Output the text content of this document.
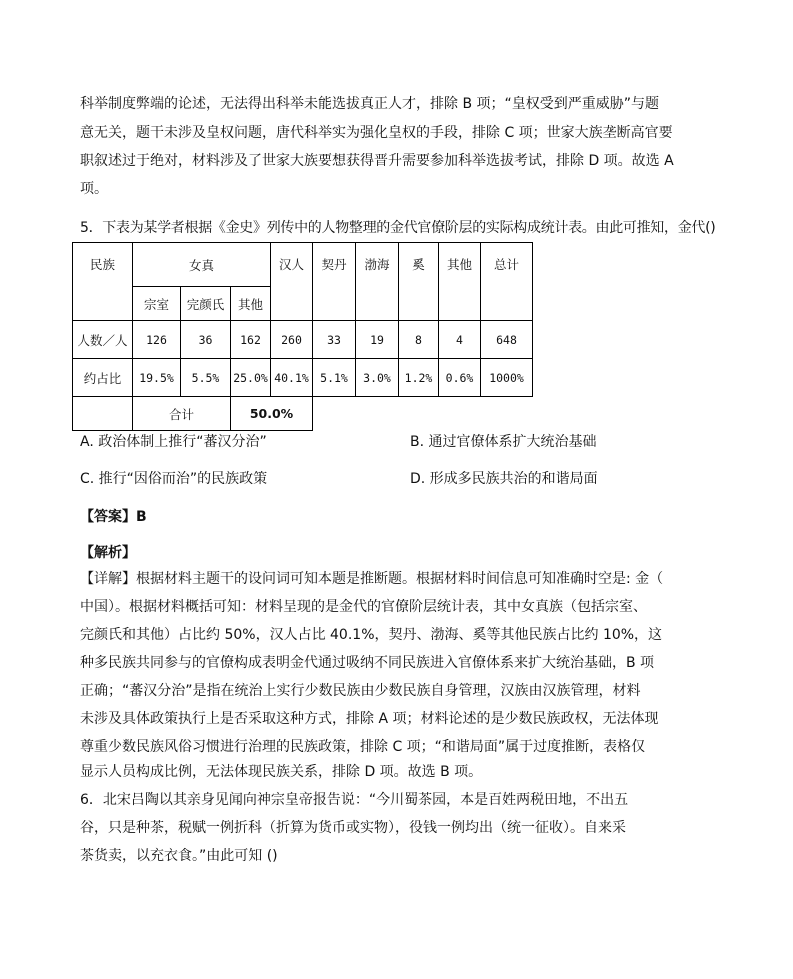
科举制度弊端的论述，无法得出科举未能选拔真正人才，排除 B 项；“皇权受到严重威胁”与题
意无关，题干未涉及皇权问题，唐代科举实为强化皇权的手段，排除 C 项；世家大族垄断高官要
职叙述过于绝对，材料涉及了世家大族要想获得晋升需要参加科举选拔考试，排除 D 项。故选 A
项。
5．下表为某学者根据《金史》列传中的人物整理的金代官僚阶层的实际构成统计表。由此可推知，金代()
民族	女真			汉人	契丹	渤海	奚	其他	总计
	宗室	完颜氏	其他						
人数／人	126	36	162	260	33	19	8	4	648
约占比	19.5%	5.5%	25.0%	40.1%	5.1%	3.0%	1.2%	0.6%	1000%
	合计		50.0%						
A. 政治体制上推行“蕃汉分治”	B. 通过官僚体系扩大统治基础
C. 推行“因俗而治”的民族政策	D. 形成多民族共治的和谐局面
【答案】B
【解析】
【详解】根据材料主题干的设问词可知本题是推断题。根据材料时间信息可知准确时空是: 金（
中国）。根据材料概括可知：材料呈现的是金代的官僚阶层统计表，其中女真族（包括宗室、
完颜氏和其他）占比约 50%，汉人占比 40.1%，契丹、渤海、奚等其他民族占比约 10%，这
种多民族共同参与的官僚构成表明金代通过吸纳不同民族进入官僚体系来扩大统治基础，B 项
正确；“蕃汉分治”是指在统治上实行少数民族由少数民族自身管理，汉族由汉族管理，材料
未涉及具体政策执行上是否采取这种方式，排除 A 项；材料论述的是少数民族政权，无法体现
尊重少数民族风俗习惯进行治理的民族政策，排除 C 项；“和谐局面”属于过度推断，表格仅
显示人员构成比例，无法体现民族关系，排除 D 项。故选 B 项。
6．北宋吕陶以其亲身见闻向神宗皇帝报告说：“今川蜀茶园，本是百姓两税田地，不出五
谷，只是种茶，税赋一例折科（折算为货币或实物），役钱一例均出（统一征收）。自来采
茶货卖，以充衣食。”由此可知 ()
